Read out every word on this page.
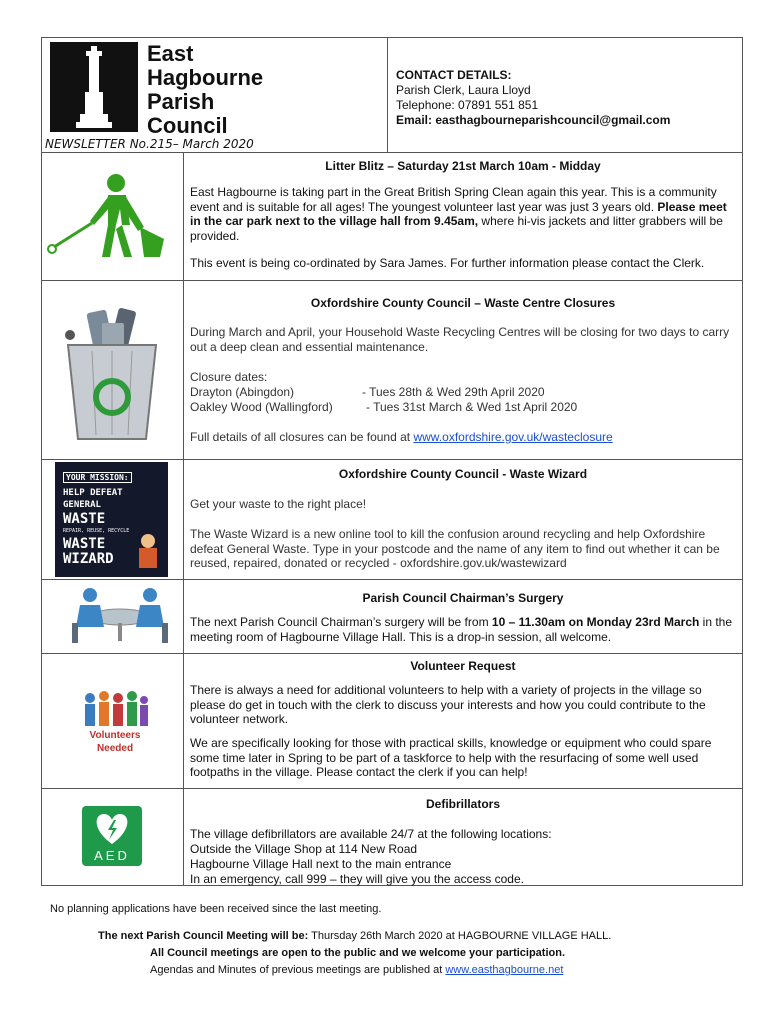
East
Hagbourne
Parish
Council
NEWSLETTER No.215– March 2020
CONTACT DETAILS:
Parish Clerk, Laura Lloyd
Telephone: 07891 551 851
Email: easthagbourneparishcouncil@gmail.com
Litter Blitz – Saturday 21st March 10am - Midday
East Hagbourne is taking part in the Great British Spring Clean again this year. This is a community event and is suitable for all ages! The youngest volunteer last year was just 3 years old. Please meet in the car park next to the village hall from 9.45am, where hi-vis jackets and litter grabbers will be provided.
This event is being co-ordinated by Sara James. For further information please contact the Clerk.
Oxfordshire County Council – Waste Centre Closures
During March and April, your Household Waste Recycling Centres will be closing for two days to carry out a deep clean and essential maintenance.
Closure dates:
Drayton (Abingdon)	- Tues 28th & Wed 29th April 2020
Oakley Wood (Wallingford)	- Tues 31st March & Wed 1st April 2020
Full details of all closures can be found at www.oxfordshire.gov.uk/wasteclosure
YOUR MISSION:
HELP DEFEAT
GENERAL
WASTE
REPAIR, REUSE, RECYCLE
WASTE
WIZARD
Oxfordshire County Council - Waste Wizard
Get your waste to the right place!
The Waste Wizard is a new online tool to kill the confusion around recycling and help Oxfordshire defeat General Waste. Type in your postcode and the name of any item to find out whether it can be reused, repaired, donated or recycled - oxfordshire.gov.uk/wastewizard
Parish Council Chairman’s Surgery
The next Parish Council Chairman’s surgery will be from 10 – 11.30am on Monday 23rd March in the meeting room of Hagbourne Village Hall. This is a drop-in session, all welcome.
Volunteers
Needed
Volunteer Request
There is always a need for additional volunteers to help with a variety of projects in the village so please do get in touch with the clerk to discuss your interests and how you could contribute to the volunteer network.
We are specifically looking for those with practical skills, knowledge or equipment who could spare some time later in Spring to be part of a taskforce to help with the resurfacing of some well used footpaths in the village. Please contact the clerk if you can help!
AED
Defibrillators
The village defibrillators are available 24/7 at the following locations:
Outside the Village Shop at 114 New Road
Hagbourne Village Hall next to the main entrance
In an emergency, call 999 – they will give you the access code.
No planning applications have been received since the last meeting.
The next Parish Council Meeting will be: Thursday 26th March 2020 at HAGBOURNE VILLAGE HALL.
All Council meetings are open to the public and we welcome your participation.
Agendas and Minutes of previous meetings are published at www.easthagbourne.net
